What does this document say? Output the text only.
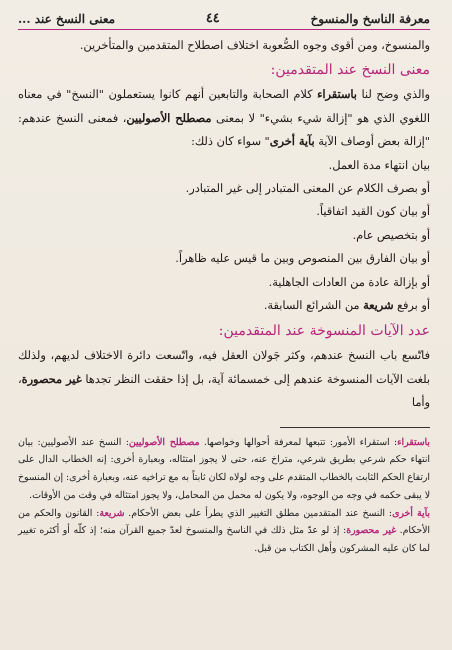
معرفة الناسخ والمنسوخ
٤٤
معنى النسخ عند ...

والمنسوخ، ومن أقوى وجوه الصُّعوبة اختلاف اصطلاح المتقدمين والمتأخرين.

معنى النسخ عند المتقدمين:

والذي وضح لنا باستقراء كلام الصحابة والتابعين أنهم كانوا يستعملون "النسخ" في معناه اللغوي الذي هو "إزالة شيء بشيء" لا بمعنى مصطلح الأصوليين، فمعنى النسخ عندهم: "إزالة بعض أوصاف الآية بآية أخرى" سواء كان ذلك:

بيان انتهاء مدة العمل.

أو بصرف الكلام عن المعنى المتبادر إلى غير المتبادر.

أو بيان كون القيد اتفاقياً.

أو بتخصيص عام.

أو بيان الفارق بين المنصوص وبين ما قيس عليه ظاهراً.

أو بإزالة عادة من العادات الجاهلية.

أو برفع شريعة من الشرائع السابقة.

عدد الآيات المنسوخة عند المتقدمين:

فاتّسع باب النسخ عندهم، وكثر جَولان العقل فيه، واتّسعت دائرة الاختلاف لديهم، ولذلك بلغت الآيات المنسوخة عندهم إلى خمسمائة آية، بل إذا حققت النظر تجدها غير محصورة، وأما

باستقراء: استقراء الأمور: تتبعها لمعرفة أحوالها وخواصها. مصطلح الأصوليين: النسخ عند الأصوليين: بيان انتهاء حكم شرعي بطريق شرعي، متراخ عنه، حتى لا يجوز امتثاله، وبعبارة أخرى: إنه الخطاب الدال على ارتفاع الحكم الثابت بالخطاب المتقدم على وجه لولاه لكان ثابتاً به مع تراخيه عنه، وبعبارة أخرى: إن المنسوخ لا يبقى حكمه في وجه من الوجوه، ولا يكون له محمل من المحامل، ولا يجوز امتثاله في وقت من الأوقات.

بآية أخرى: النسخ عند المتقدمين مطلق التغيير الذي يطرأ على بعض الأحكام. شريعة: القانون والحكم من الأحكام. غير محصورة: إذ لو عدّ مثل ذلك في الناسخ والمنسوخ لعدّ جميع القرآن منه؛ إذ كلّه أو أكثره تغيير لما كان عليه المشركون وأهل الكتاب من قبل.
